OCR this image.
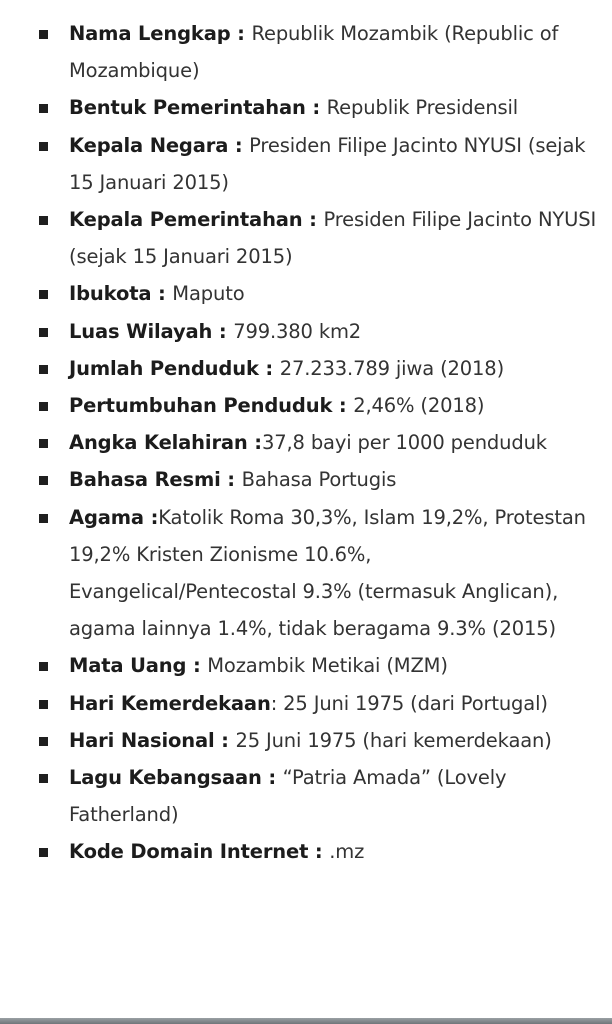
Nama Lengkap : Republik Mozambik (Republic of Mozambique)
Bentuk Pemerintahan : Republik Presidensil
Kepala Negara : Presiden Filipe Jacinto NYUSI (sejak 15 Januari 2015)
Kepala Pemerintahan : Presiden Filipe Jacinto NYUSI (sejak 15 Januari 2015)
Ibukota : Maputo
Luas Wilayah : 799.380 km2
Jumlah Penduduk : 27.233.789 jiwa (2018)
Pertumbuhan Penduduk : 2,46% (2018)
Angka Kelahiran :37,8 bayi per 1000 penduduk
Bahasa Resmi : Bahasa Portugis
Agama :Katolik Roma 30,3%, Islam 19,2%, Protestan 19,2% Kristen Zionisme 10.6%, Evangelical/Pentecostal 9.3% (termasuk Anglican), agama lainnya 1.4%, tidak beragama 9.3% (2015)
Mata Uang : Mozambik Metikai (MZM)
Hari Kemerdekaan: 25 Juni 1975 (dari Portugal)
Hari Nasional : 25 Juni 1975 (hari kemerdekaan)
Lagu Kebangsaan : “Patria Amada” (Lovely Fatherland)
Kode Domain Internet : .mz
